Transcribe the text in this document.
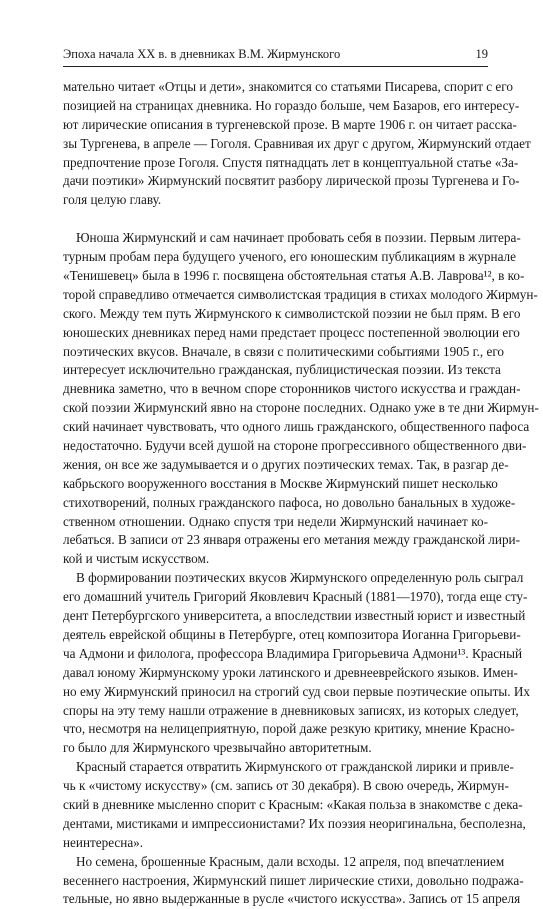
Эпоха начала XX в. в дневниках В.М. Жирмунского	19
мательно читает «Отцы и дети», знакомится со статьями Писарева, спорит с его
позицией на страницах дневника. Но гораздо больше, чем Базаров, его интересу-
ют лирические описания в тургеневской прозе. В марте 1906 г. он читает расска-
зы Тургенева, в апреле — Гоголя. Сравнивая их друг с другом, Жирмунский отдает
предпочтение прозе Гоголя. Спустя пятнадцать лет в концептуальной статье «За-
дачи поэтики» Жирмунский посвятит разбору лирической прозы Тургенева и Го-
голя целую главу.
Юноша Жирмунский и сам начинает пробовать себя в поэзии. Первым литера-
турным пробам пера будущего ученого, его юношеским публикациям в журнале
«Тенишевец» была в 1996 г. посвящена обстоятельная статья А.В. Лаврова¹², в ко-
торой справедливо отмечается символистская традиция в стихах молодого Жирмун-
ского. Между тем путь Жирмунского к символистской поэзии не был прям. В его
юношеских дневниках перед нами предстает процесс постепенной эволюции его
поэтических вкусов. Вначале, в связи с политическими событиями 1905 г., его
интересует исключительно гражданская, публицистическая поэзии. Из текста
дневника заметно, что в вечном споре сторонников чистого искусства и граждан-
ской поэзии Жирмунский явно на стороне последних. Однако уже в те дни Жирмун-
ский начинает чувствовать, что одного лишь гражданского, общественного пафоса
недостаточно. Будучи всей душой на стороне прогрессивного общественного дви-
жения, он все же задумывается и о других поэтических темах. Так, в разгар де-
кабрьского вооруженного восстания в Москве Жирмунский пишет несколько
стихотворений, полных гражданского пафоса, но довольно банальных в художе-
ственном отношении. Однако спустя три недели Жирмунский начинает ко-
лебаться. В записи от 23 января отражены его метания между гражданской лири-
кой и чистым искусством.
В формировании поэтических вкусов Жирмунского определенную роль сыграл
его домашний учитель Григорий Яковлевич Красный (1881—1970), тогда еще сту-
дент Петербургского университета, а впоследствии известный юрист и известный
деятель еврейской общины в Петербурге, отец композитора Иоганна Григорьеви-
ча Адмони и филолога, профессора Владимира Григорьевича Адмони¹³. Красный
давал юному Жирмунскому уроки латинского и древнееврейского языков. Имен-
но ему Жирмунский приносил на строгий суд свои первые поэтические опыты. Их
споры на эту тему нашли отражение в дневниковых записях, из которых следует,
что, несмотря на нелицеприятную, порой даже резкую критику, мнение Красно-
го было для Жирмунского чрезвычайно авторитетным.
Красный старается отвратить Жирмунского от гражданской лирики и привле-
чь к «чистому искусству» (см. запись от 30 декабря). В свою очередь, Жирмун-
ский в дневнике мысленно спорит с Красным: «Какая польза в знакомстве с дека-
дентами, мистиками и импрессионистами? Их поэзия неоригинальна, бесполезна,
неинтересна».
Но семена, брошенные Красным, дали всходы. 12 апреля, под впечатлением
весеннего настроения, Жирмунский пишет лирические стихи, довольно подража-
тельные, но явно выдержанные в русле «чистого искусства». Запись от 15 апреля
